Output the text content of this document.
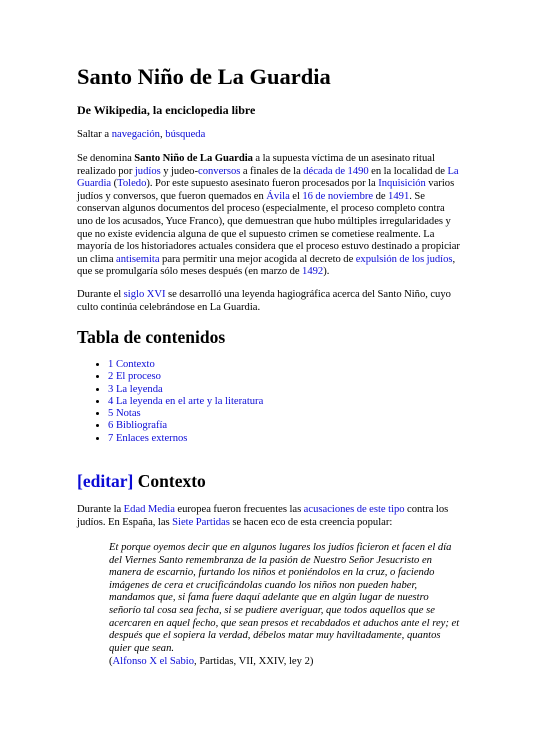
Santo Niño de La Guardia
De Wikipedia, la enciclopedia libre
Saltar a navegación, búsqueda

Se denomina Santo Niño de La Guardia a la supuesta víctima de un asesinato ritual realizado por judíos y judeo-conversos a finales de la década de 1490 en la localidad de La Guardia (Toledo). Por este supuesto asesinato fueron procesados por la Inquisición varios judíos y conversos, que fueron quemados en Ávila el 16 de noviembre de 1491. Se conservan algunos documentos del proceso (especialmente, el proceso completo contra uno de los acusados, Yuce Franco), que demuestran que hubo múltiples irregularidades y que no existe evidencia alguna de que el supuesto crimen se cometiese realmente. La mayoría de los historiadores actuales considera que el proceso estuvo destinado a propiciar un clima antisemita para permitir una mejor acogida al decreto de expulsión de los judíos, que se promulgaría sólo meses después (en marzo de 1492).

Durante el siglo XVI se desarrolló una leyenda hagiográfica acerca del Santo Niño, cuyo culto continúa celebrándose en La Guardia.

Tabla de contenidos
• 1 Contexto
• 2 El proceso
• 3 La leyenda
• 4 La leyenda en el arte y la literatura
• 5 Notas
• 6 Bibliografía
• 7 Enlaces externos
[editar] Contexto

Durante la Edad Media europea fueron frecuentes las acusaciones de este tipo contra los judíos. En España, las Siete Partidas se hacen eco de esta creencia popular:

Et porque oyemos decir que en algunos lugares los judíos ficieron et facen el día del Viernes Santo remembranza de la pasión de Nuestro Señor Jesucristo en manera de escarnio, furtando los niños et poniéndolos en la cruz, o faciendo imágenes de cera et crucificándolas cuando los niños non pueden haber, mandamos que, si fama fuere daquí adelante que en algún lugar de nuestro señorío tal cosa sea fecha, si se pudiere averiguar, que todos aquellos que se acercaren en aquel fecho, que sean presos et recabdados et aduchos ante el rey; et después que el sopiera la verdad, débelos matar muy haviltadamente, quantos quier que sean.
(Alfonso X el Sabio, Partidas, VII, XXIV, ley 2)
